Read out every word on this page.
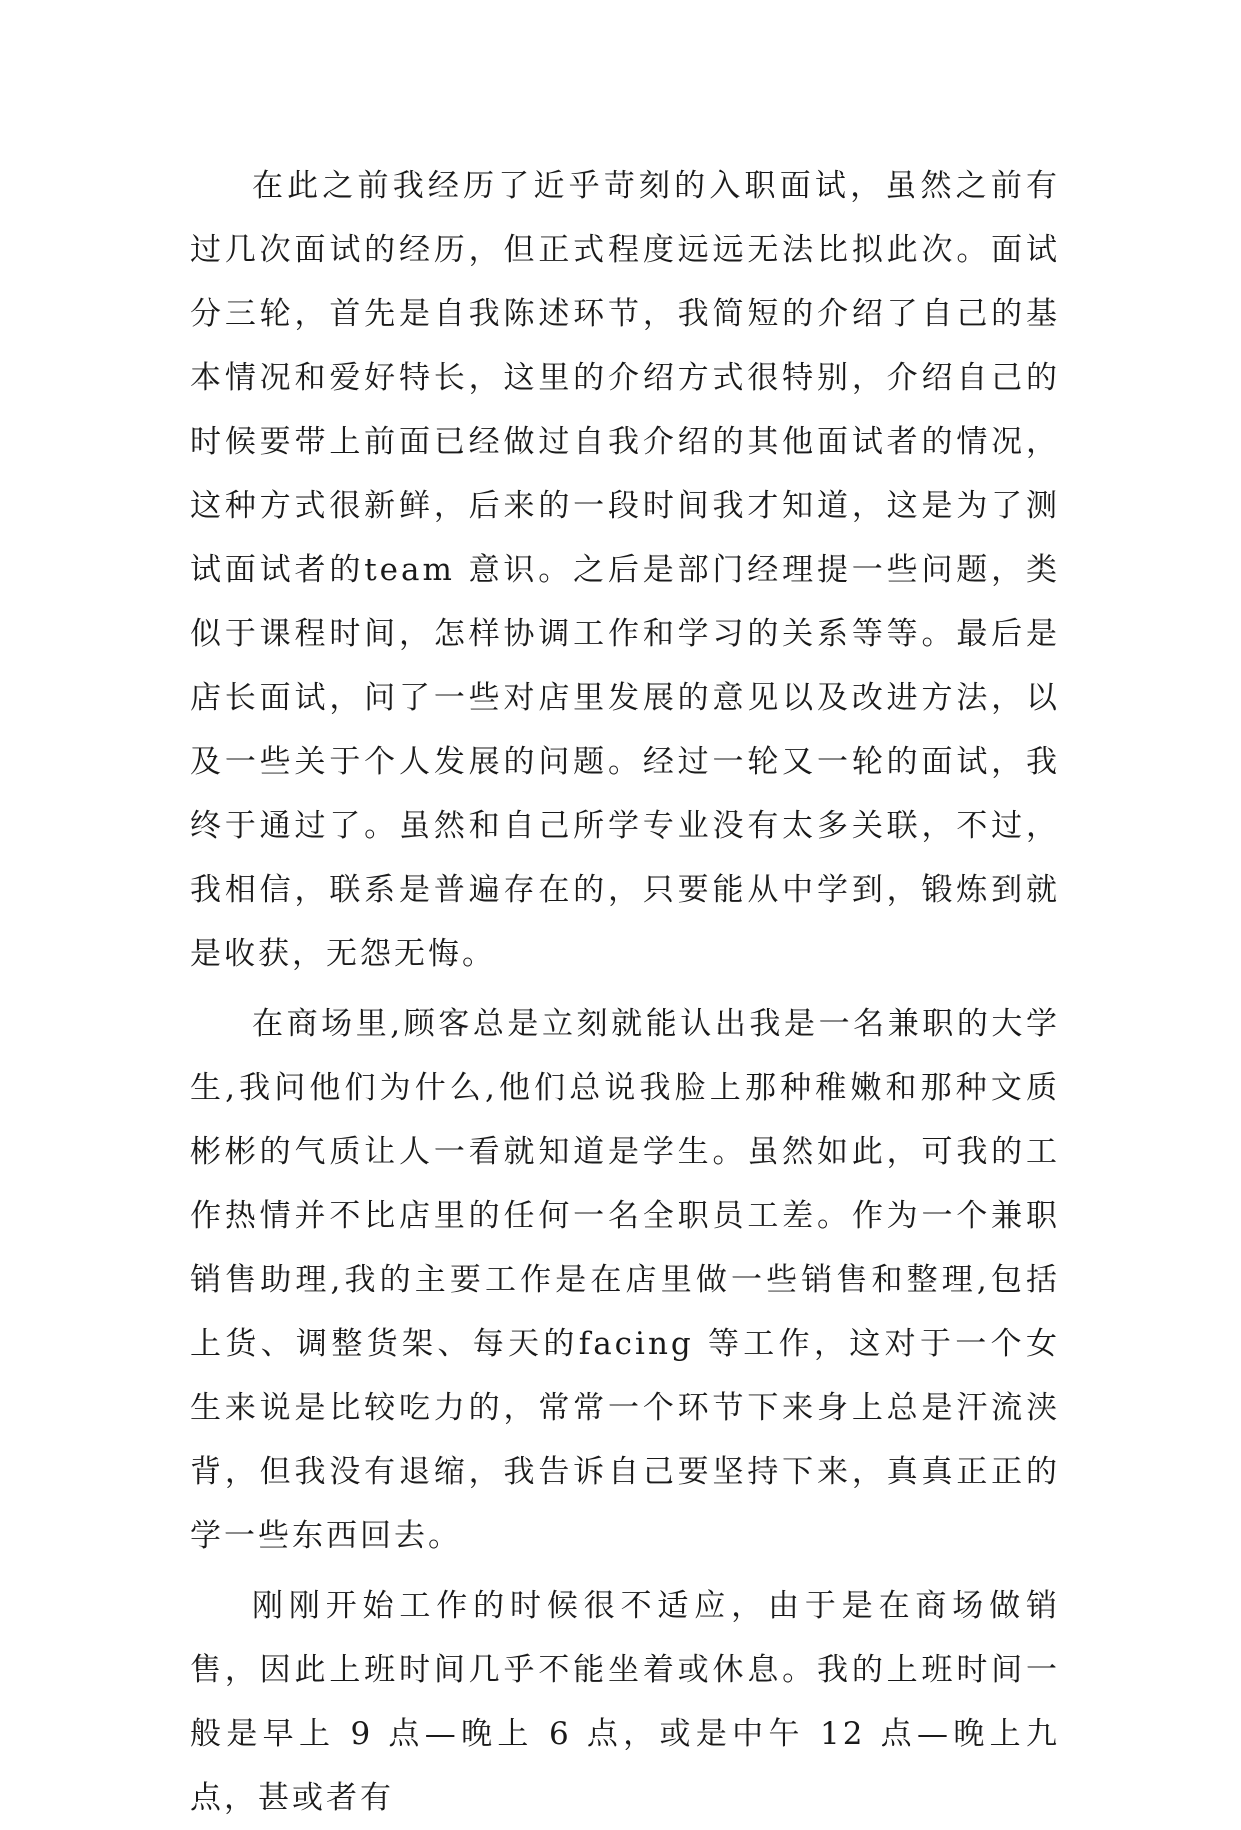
在此之前我经历了近乎苛刻的入职面试，虽然之前有过几次面试的经历，但正式程度远远无法比拟此次。面试分三轮，首先是自我陈述环节，我简短的介绍了自己的基本情况和爱好特长，这里的介绍方式很特别，介绍自己的时候要带上前面已经做过自我介绍的其他面试者的情况，这种方式很新鲜，后来的一段时间我才知道，这是为了测试面试者的team 意识。之后是部门经理提一些问题，类似于课程时间，怎样协调工作和学习的关系等等。最后是店长面试，问了一些对店里发展的意见以及改进方法，以及一些关于个人发展的问题。经过一轮又一轮的面试，我终于通过了。虽然和自己所学专业没有太多关联，不过，我相信，联系是普遍存在的，只要能从中学到，锻炼到就是收获，无怨无悔。

在商场里,顾客总是立刻就能认出我是一名兼职的大学生,我问他们为什么,他们总说我脸上那种稚嫩和那种文质彬彬的气质让人一看就知道是学生。虽然如此，可我的工作热情并不比店里的任何一名全职员工差。作为一个兼职销售助理,我的主要工作是在店里做一些销售和整理,包括上货、调整货架、每天的facing 等工作，这对于一个女生来说是比较吃力的，常常一个环节下来身上总是汗流浃背，但我没有退缩，我告诉自己要坚持下来，真真正正的学一些东西回去。

刚刚开始工作的时候很不适应，由于是在商场做销售，因此上班时间几乎不能坐着或休息。我的上班时间一般是早上 9 点—晚上 6 点，或是中午 12 点—晚上九点，甚或者有
